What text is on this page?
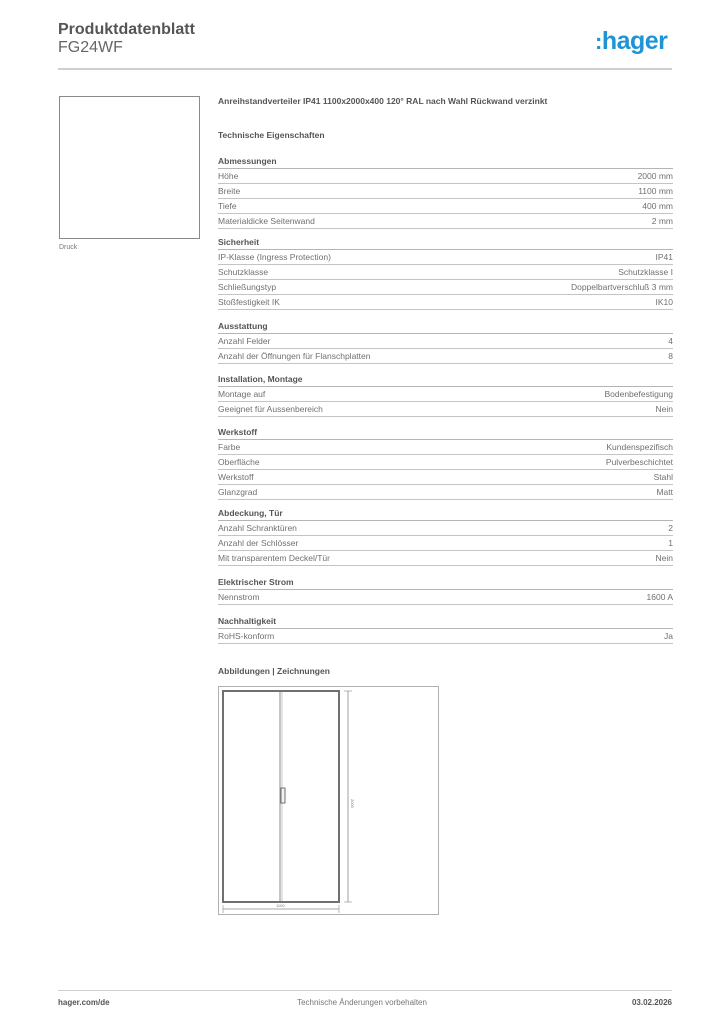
Produktdatenblatt
FG24WF	:hager
Druck
Anreihstandverteiler IP41 1100x2000x400 120° RAL nach Wahl Rückwand verzinkt
Technische Eigenschaften
Abmessungen
Höhe	2000 mm
Breite	1100 mm
Tiefe	400 mm
Materialdicke Seitenwand	2 mm
Sicherheit
IP-Klasse (Ingress Protection)	IP41
Schutzklasse	Schutzklasse I
Schließungstyp	Doppelbartverschluß 3 mm
Stoßfestigkeit IK	IK10
Ausstattung
Anzahl Felder	4
Anzahl der Öffnungen für Flanschplatten	8
Installation, Montage
Montage auf	Bodenbefestigung
Geeignet für Aussenbereich	Nein
Werkstoff
Farbe	Kundenspezifisch
Oberfläche	Pulverbeschichtet
Werkstoff	Stahl
Glanzgrad	Matt
Abdeckung, Tür
Anzahl Schranktüren	2
Anzahl der Schlösser	1
Mit transparentem Deckel/Tür	Nein
Elektrischer Strom
Nennstrom	1600 A
Nachhaltigkeit
RoHS-konform	Ja
Abbildungen | Zeichnungen
2000
1100
hager.com/de	Technische Änderungen vorbehalten	03.02.2026
